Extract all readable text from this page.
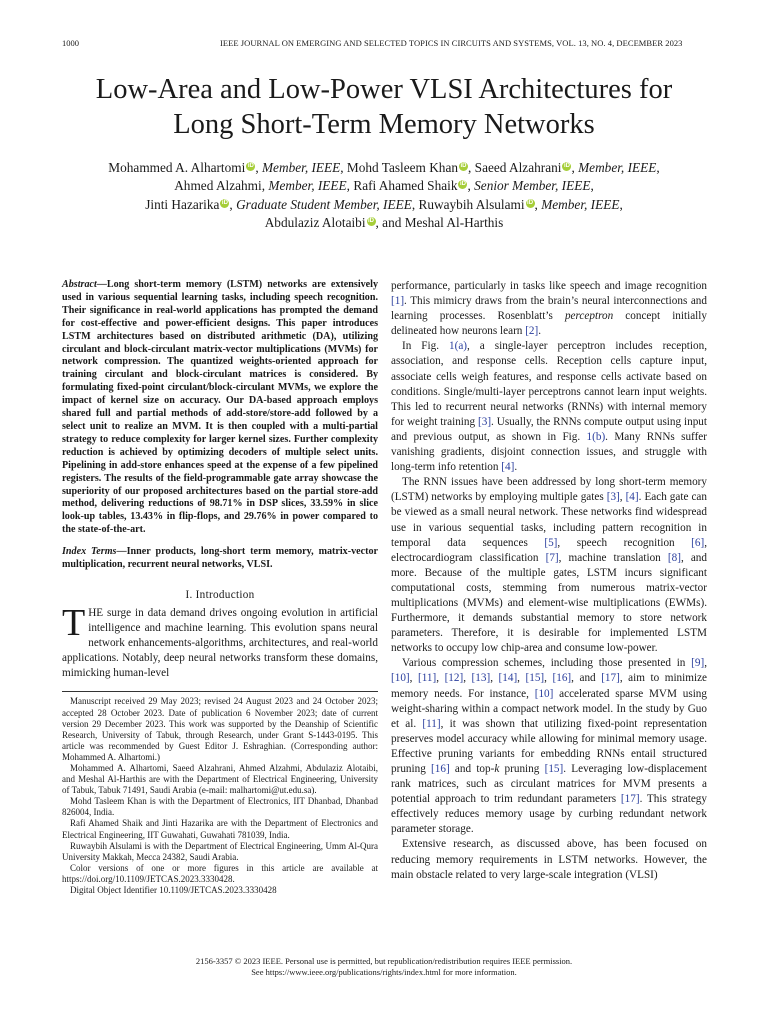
1000	IEEE JOURNAL ON EMERGING AND SELECTED TOPICS IN CIRCUITS AND SYSTEMS, VOL. 13, NO. 4, DECEMBER 2023
Low-Area and Low-Power VLSI Architectures for
Long Short-Term Memory Networks
Mohammed A. Alhartomi iD , Member, IEEE, Mohd Tasleem Khan iD , Saeed Alzahrani iD , Member, IEEE,
Ahmed Alzahmi, Member, IEEE, Rafi Ahamed Shaik iD , Senior Member, IEEE,
Jinti Hazarika iD , Graduate Student Member, IEEE, Ruwaybih Alsulami iD , Member, IEEE,
Abdulaziz Alotaibi iD , and Meshal Al-Harthis

Abstract—Long short-term memory (LSTM) networks are extensively used in various sequential learning tasks, including speech recognition. Their significance in real-world applications has prompted the demand for cost-effective and power-efficient designs. This paper introduces LSTM architectures based on distributed arithmetic (DA), utilizing circulant and block-circulant matrix-vector multiplications (MVMs) for network compression. The quantized weights-oriented approach for training circulant and block-circulant matrices is considered. By formulating fixed-point circulant/block-circulant MVMs, we explore the impact of kernel size on accuracy. Our DA-based approach employs shared full and partial methods of add-store/store-add followed by a select unit to realize an MVM. It is then coupled with a multi-partial strategy to reduce complexity for larger kernel sizes. Further complexity reduction is achieved by optimizing decoders of multiple select units. Pipelining in add-store enhances speed at the expense of a few pipelined registers. The results of the field-programmable gate array showcase the superiority of our proposed architectures based on the partial store-add method, delivering reductions of 98.71% in DSP slices, 33.59% in slice look-up tables, 13.43% in flip-flops, and 29.76% in power compared to the state-of-the-art.

Index Terms—Inner products, long-short term memory, matrix-vector multiplication, recurrent neural networks, VLSI.

I. Introduction

THE surge in data demand drives ongoing evolution in artificial intelligence and machine learning. This evolution spans neural network enhancements-algorithms, architectures, and real-world applications. Notably, deep neural networks transform these domains, mimicking human-level

Manuscript received 29 May 2023; revised 24 August 2023 and 24 October 2023; accepted 28 October 2023. Date of publication 6 November 2023; date of current version 29 December 2023. This work was supported by the Deanship of Scientific Research, University of Tabuk, through Research, under Grant S-1443-0195. This article was recommended by Guest Editor J. Eshraghian. (Corresponding author: Mohammed A. Alhartomi.)

Mohammed A. Alhartomi, Saeed Alzahrani, Ahmed Alzahmi, Abdulaziz Alotaibi, and Meshal Al-Harthis are with the Department of Electrical Engineering, University of Tabuk, Tabuk 71491, Saudi Arabia (e-mail: malhartomi@ut.edu.sa).

Mohd Tasleem Khan is with the Department of Electronics, IIT Dhanbad, Dhanbad 826004, India.

Rafi Ahamed Shaik and Jinti Hazarika are with the Department of Electronics and Electrical Engineering, IIT Guwahati, Guwahati 781039, India.

Ruwaybih Alsulami is with the Department of Electrical Engineering, Umm Al-Qura University Makkah, Mecca 24382, Saudi Arabia.

Color versions of one or more figures in this article are available at https://doi.org/10.1109/JETCAS.2023.3330428.

Digital Object Identifier 10.1109/JETCAS.2023.3330428

performance, particularly in tasks like speech and image recognition [1]. This mimicry draws from the brain’s neural interconnections and learning processes. Rosenblatt’s perceptron concept initially delineated how neurons learn [2].

In Fig. 1(a), a single-layer perceptron includes reception, association, and response cells. Reception cells capture input, associate cells weigh features, and response cells activate based on conditions. Single/multi-layer perceptrons cannot learn input weights. This led to recurrent neural networks (RNNs) with internal memory for weight training [3]. Usually, the RNNs compute output using input and previous output, as shown in Fig. 1(b). Many RNNs suffer vanishing gradients, disjoint connection issues, and struggle with long-term info retention [4].

The RNN issues have been addressed by long short-term memory (LSTM) networks by employing multiple gates [3], [4]. Each gate can be viewed as a small neural network. These networks find widespread use in various sequential tasks, including pattern recognition in temporal data sequences [5], speech recognition [6], electrocardiogram classification [7], machine translation [8], and more. Because of the multiple gates, LSTM incurs significant computational costs, stemming from numerous matrix-vector multiplications (MVMs) and element-wise multiplications (EWMs). Furthermore, it demands substantial memory to store network parameters. Therefore, it is desirable for implemented LSTM networks to occupy low chip-area and consume low-power.

Various compression schemes, including those presented in [9], [10], [11], [12], [13], [14], [15], [16], and [17], aim to minimize memory needs. For instance, [10] accelerated sparse MVM using weight-sharing within a compact network model. In the study by Guo et al. [11], it was shown that utilizing fixed-point representation preserves model accuracy while allowing for minimal memory usage. Effective pruning variants for embedding RNNs entail structured pruning [16] and top-k pruning [15]. Leveraging low-displacement rank matrices, such as circulant matrices for MVM presents a potential approach to trim redundant parameters [17]. This strategy effectively reduces memory usage by curbing redundant network parameter storage.

Extensive research, as discussed above, has been focused on reducing memory requirements in LSTM networks. However, the main obstacle related to very large-scale integration (VLSI)

2156-3357 © 2023 IEEE. Personal use is permitted, but republication/redistribution requires IEEE permission.
See https://www.ieee.org/publications/rights/index.html for more information.
